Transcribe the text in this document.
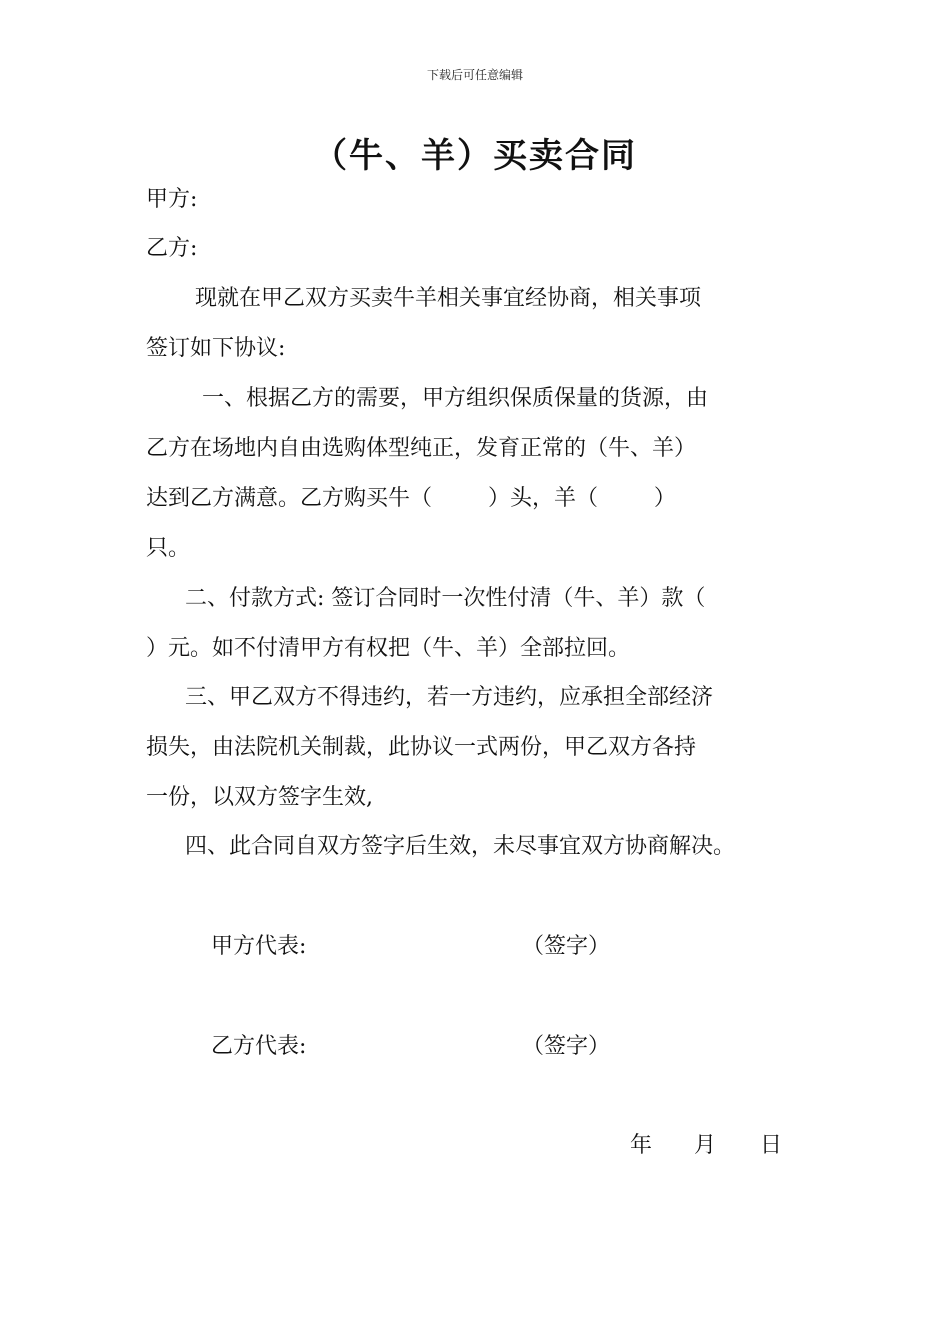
下载后可任意编辑
（牛、羊）买卖合同
甲方:
乙方:
现就在甲乙双方买卖牛羊相关事宜经协商，相关事项
签订如下协议:
一、根据乙方的需要，甲方组织保质保量的货源，由
乙方在场地内自由选购体型纯正，发育正常的（牛、羊）
达到乙方满意。乙方购买牛（        ）头，羊（        ）
只。
二、付款方式: 签订合同时一次性付清（牛、羊）款（
）元。如不付清甲方有权把（牛、羊）全部拉回。
三、甲乙双方不得违约，若一方违约，应承担全部经济
损失，由法院机关制裁，此协议一式两份，甲乙双方各持
一份，以双方签字生效,
四、此合同自双方签字后生效，未尽事宜双方协商解决。
甲方代表:	（签字）
乙方代表:	（签字）
年 月 日
